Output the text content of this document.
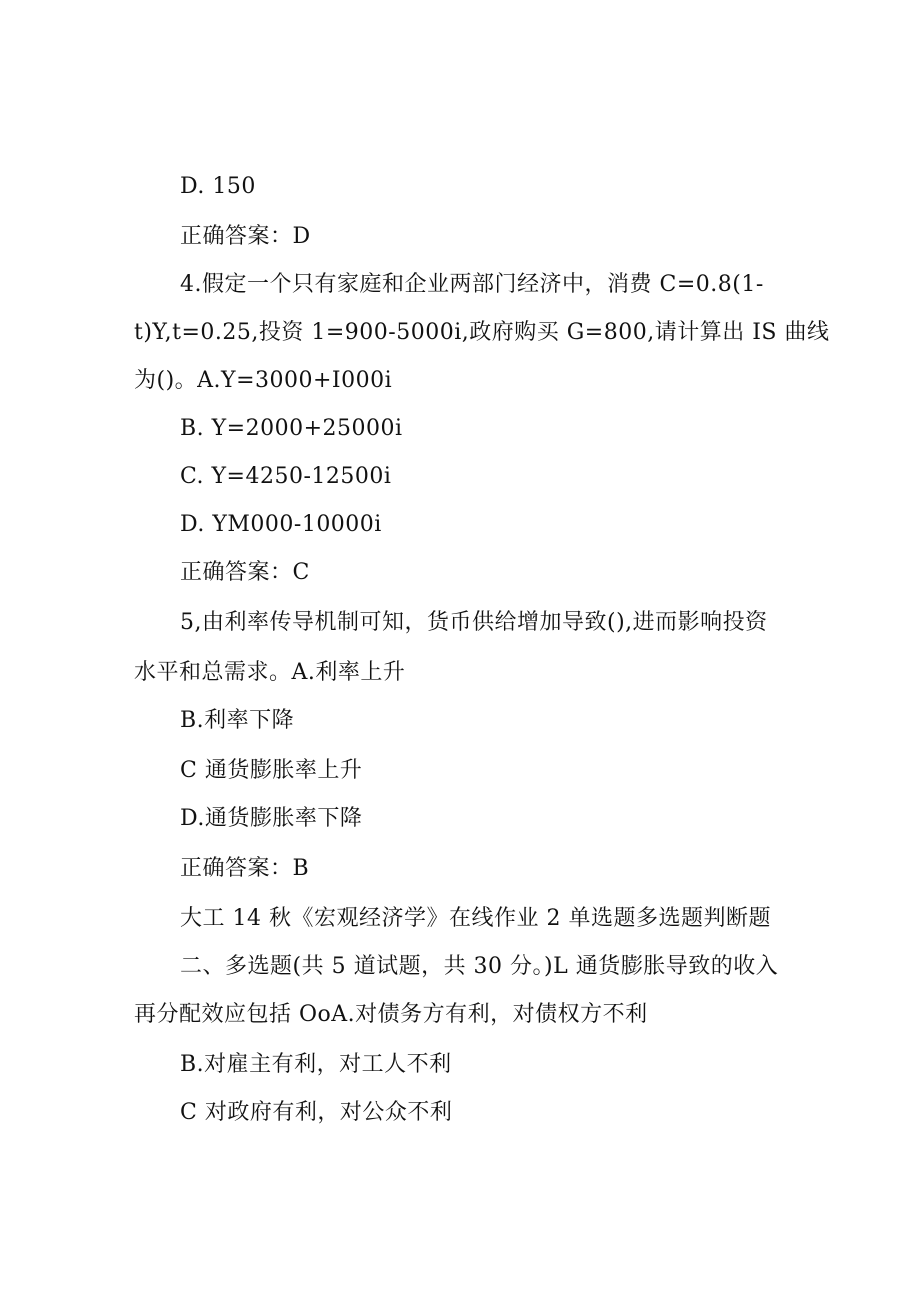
D. 150
正确答案：D
4.假定一个只有家庭和企业两部门经济中，消费 C=0.8(1-
t)Y,t=0.25,投资 1=900-5000i,政府购买 G=800,请计算出 IS 曲线
为()。A.Y=3000+I000i
B. Y=2000+25000i
C. Y=4250-12500i
D. YM000-10000i
正确答案：C
5,由利率传导机制可知，货币供给增加导致(),进而影响投资
水平和总需求。A.利率上升
B.利率下降
C 通货膨胀率上升
D.通货膨胀率下降
正确答案：B
大工 14 秋《宏观经济学》在线作业 2 单选题多选题判断题
二、多选题(共 5 道试题，共 30 分。)L 通货膨胀导致的收入
再分配效应包括 OoA.对债务方有利，对债权方不利
B.对雇主有利，对工人不利
C 对政府有利，对公众不利
